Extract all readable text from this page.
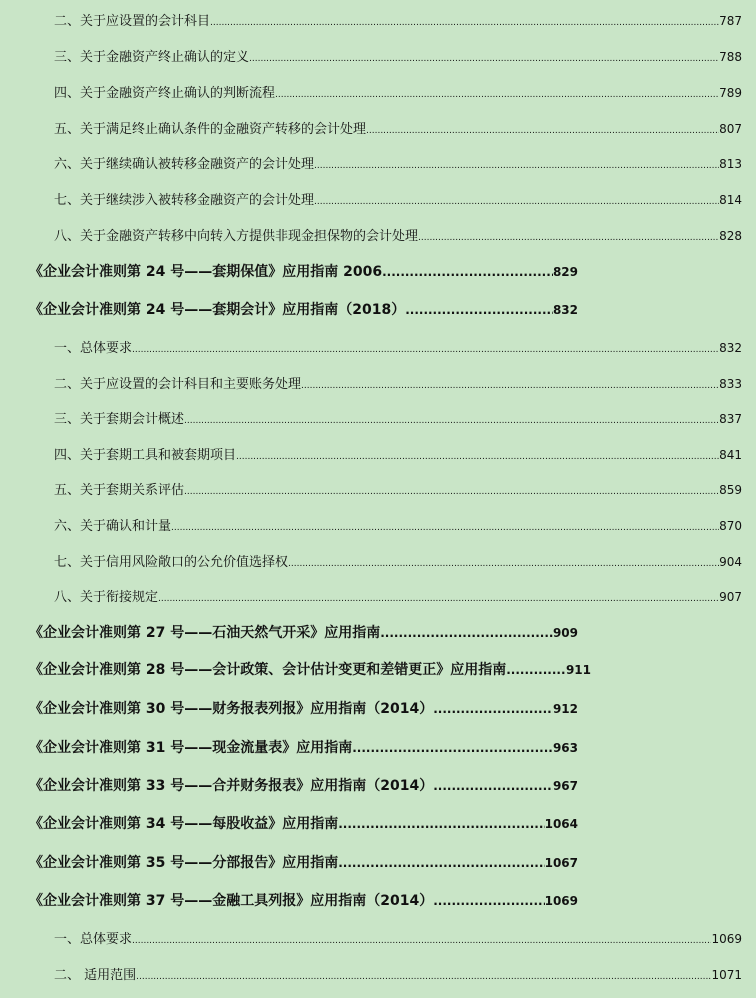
二、关于应设置的会计科目 .....	787
三、关于金融资产终止确认的定义 .....	788
四、关于金融资产终止确认的判断流程 .....	789
五、关于满足终止确认条件的金融资产转移的会计处理 .....	807
六、关于继续确认被转移金融资产的会计处理 .....	813
七、关于继续涉入被转移金融资产的会计处理 .....	814
八、关于金融资产转移中向转入方提供非现金担保物的会计处理 .....	828
《企业会计准则第 24 号——套期保值》应用指南 2006 .....	829
《企业会计准则第 24 号——套期会计》应用指南（2018） .....	832
一、总体要求 .....	832
二、关于应设置的会计科目和主要账务处理 .....	833
三、关于套期会计概述 .....	837
四、关于套期工具和被套期项目 .....	841
五、关于套期关系评估 .....	859
六、关于确认和计量 .....	870
七、关于信用风险敞口的公允价值选择权 .....	904
八、关于衔接规定 .....	907
《企业会计准则第 27 号——石油天然气开采》应用指南 .....	909
《企业会计准则第 28 号——会计政策、会计估计变更和差错更正》应用指南 .....	911
《企业会计准则第 30 号——财务报表列报》应用指南（2014） .....	912
《企业会计准则第 31 号——现金流量表》应用指南 .....	963
《企业会计准则第 33 号——合并财务报表》应用指南（2014） .....	967
《企业会计准则第 34 号——每股收益》应用指南 .....	1064
《企业会计准则第 35 号——分部报告》应用指南 .....	1067
《企业会计准则第 37 号——金融工具列报》应用指南（2014） .....	1069
一、总体要求 .....	1069
二、 适用范围 .....	1071
